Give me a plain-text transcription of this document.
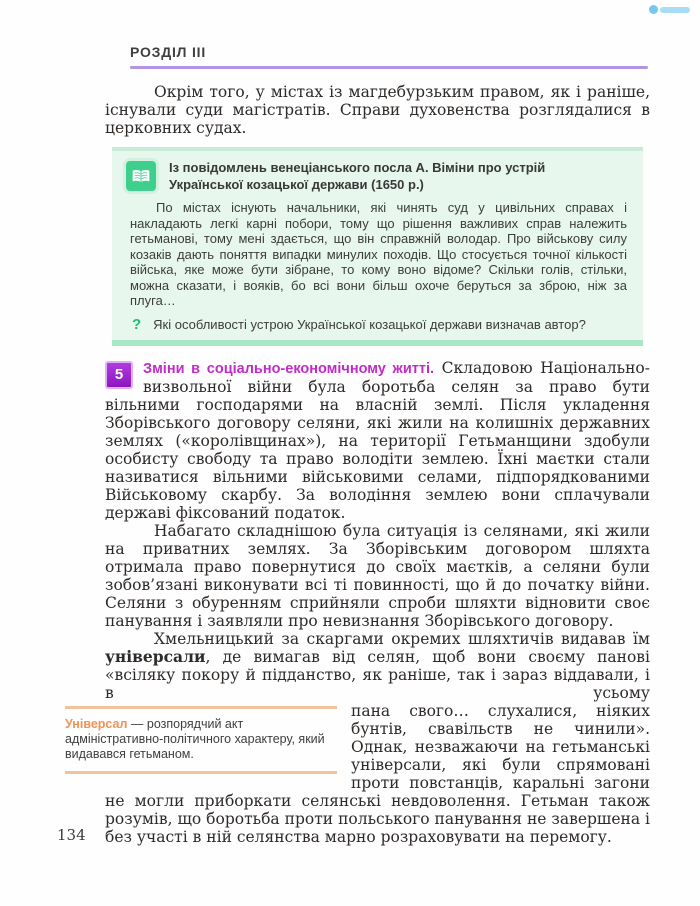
РОЗДІЛ III

Окрім того, у містах із магдебурзьким правом, як і раніше, існували суди магістратів. Справи духовенства розглядалися в церковних судах.

Із повідомлень венеціанського посла А. Віміни про устрій Української козацької держави (1650 р.)

По містах існують начальники, які чинять суд у цивільних справах і накладають легкі карні побори, тому що рішення важливих справ належить гетьманові, тому мені здається, що він справжній володар. Про військову силу козаків дають поняття випадки минулих походів. Що стосується точної кількості війська, яке може бути зібране, то кому воно відоме? Скільки голів, стільки, можна сказати, і вояків, бо всі вони більш охоче беруться за зброю, ніж за плуга…

? Які особливості устрою Української козацької держави визначав автор?
5	Зміни в соціально-економічному житті. Складовою Національно-визвольної війни була боротьба селян за право бути вільними господарями на власній землі. Після укладення Зборівського договору селяни, які жили на колишніх державних землях («королівщинах»), на території Гетьманщини здобули особисту свободу та право володіти землею. Їхні маєтки стали називатися вільними військовими селами, підпорядкованими Військовому скарбу. За володіння землею вони сплачували державі фіксований податок.

Набагато складнішою була ситуація із селянами, які жили на приватних землях. За Зборівським договором шляхта отримала право повернутися до своїх маєтків, а селяни були зобов’язані виконувати всі ті повинності, що й до початку війни. Селяни з обуренням сприйняли спроби шляхти відновити своє панування і заявляли про невизнання Зборівського договору.

Хмельницький за скаргами окремих шляхтичів видавав їм універсали, де вимагав від селян, щоб вони своєму панові «всіляку покору й підданство, як раніше, так і зараз віддавали, і в усьому
Універсал — розпорядчий акт адміністративно-політичного характеру, який видавався гетьманом.
пана свого… слухалися, ніяких бунтів, свавільств не чинили». Однак, незважаючи на гетьманські універсали, які були спрямовані проти повстанців, каральні загони не могли приборкати селянські невдоволення. Гетьман також розумів, що боротьба проти польського панування не завершена і без участі в ній селянства марно розраховувати на перемогу.
134
